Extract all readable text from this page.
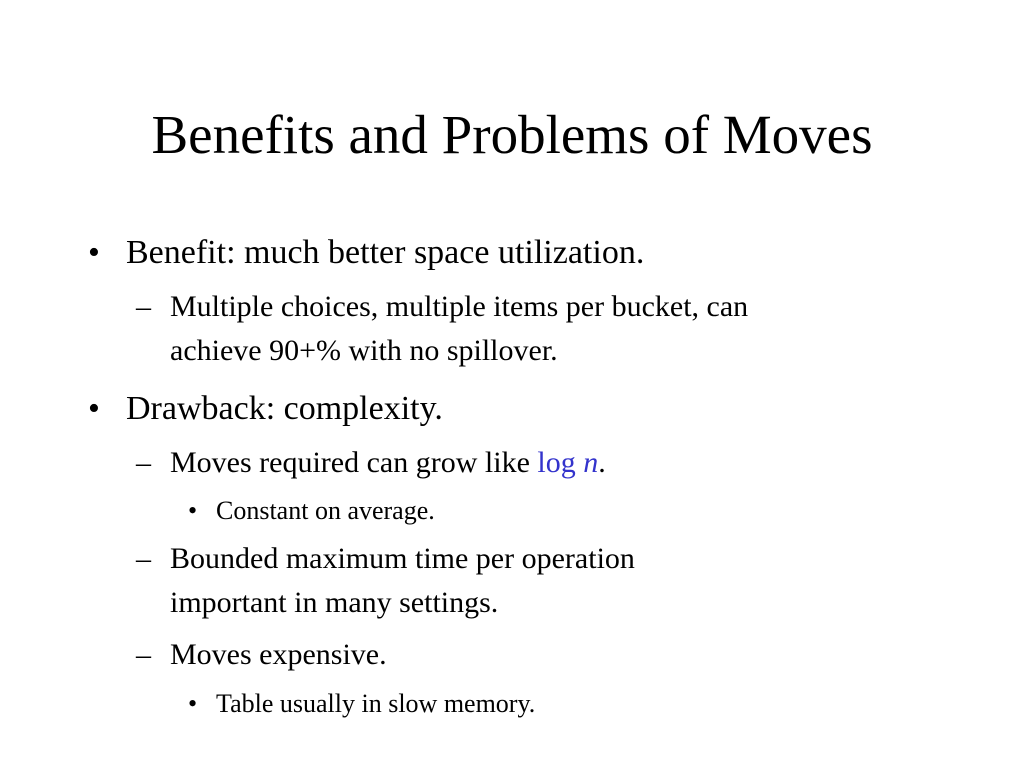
Benefits and Problems of Moves
• Benefit: much better space utilization.
– Multiple choices, multiple items per bucket, can
achieve 90+% with no spillover.
• Drawback: complexity.
– Moves required can grow like log n.
• Constant on average.
– Bounded maximum time per operation
important in many settings.
– Moves expensive.
• Table usually in slow memory.
